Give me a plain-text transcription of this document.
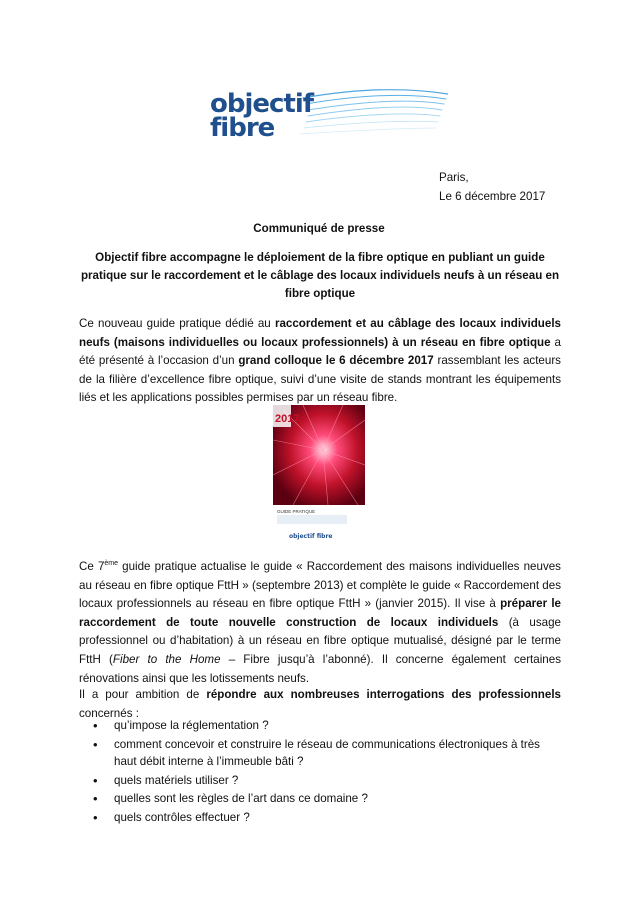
objectif
fibre
Paris,
Le 6 décembre 2017
Communiqué de presse
Objectif fibre accompagne le déploiement de la fibre optique en publiant un guide pratique sur le raccordement et le câblage des locaux individuels neufs à un réseau en fibre optique
Ce nouveau guide pratique dédié au raccordement et au câblage des locaux individuels neufs (maisons individuelles ou locaux professionnels) à un réseau en fibre optique a été présenté à l’occasion d’un grand colloque le 6 décembre 2017 rassemblant les acteurs de la filière d’excellence fibre optique, suivi d’une visite de stands montrant les équipements liés et les applications possibles permises par un réseau fibre.
2017
GUIDE PRATIQUE
objectif fibre
Ce 7ème guide pratique actualise le guide « Raccordement des maisons individuelles neuves au réseau en fibre optique FttH » (septembre 2013) et complète le guide « Raccordement des locaux professionnels au réseau en fibre optique FttH » (janvier 2015). Il vise à préparer le raccordement de toute nouvelle construction de locaux individuels (à usage professionnel ou d’habitation) à un réseau en fibre optique mutualisé, désigné par le terme FttH (Fiber to the Home – Fibre jusqu’à l’abonné). Il concerne également certaines rénovations ainsi que les lotissements neufs.
Il a pour ambition de répondre aux nombreuses interrogations des professionnels concernés :
• qu’impose la réglementation ?
• comment concevoir et construire le réseau de communications électroniques à très haut débit interne à l’immeuble bâti ?
• quels matériels utiliser ?
• quelles sont les règles de l’art dans ce domaine ?
• quels contrôles effectuer ?
